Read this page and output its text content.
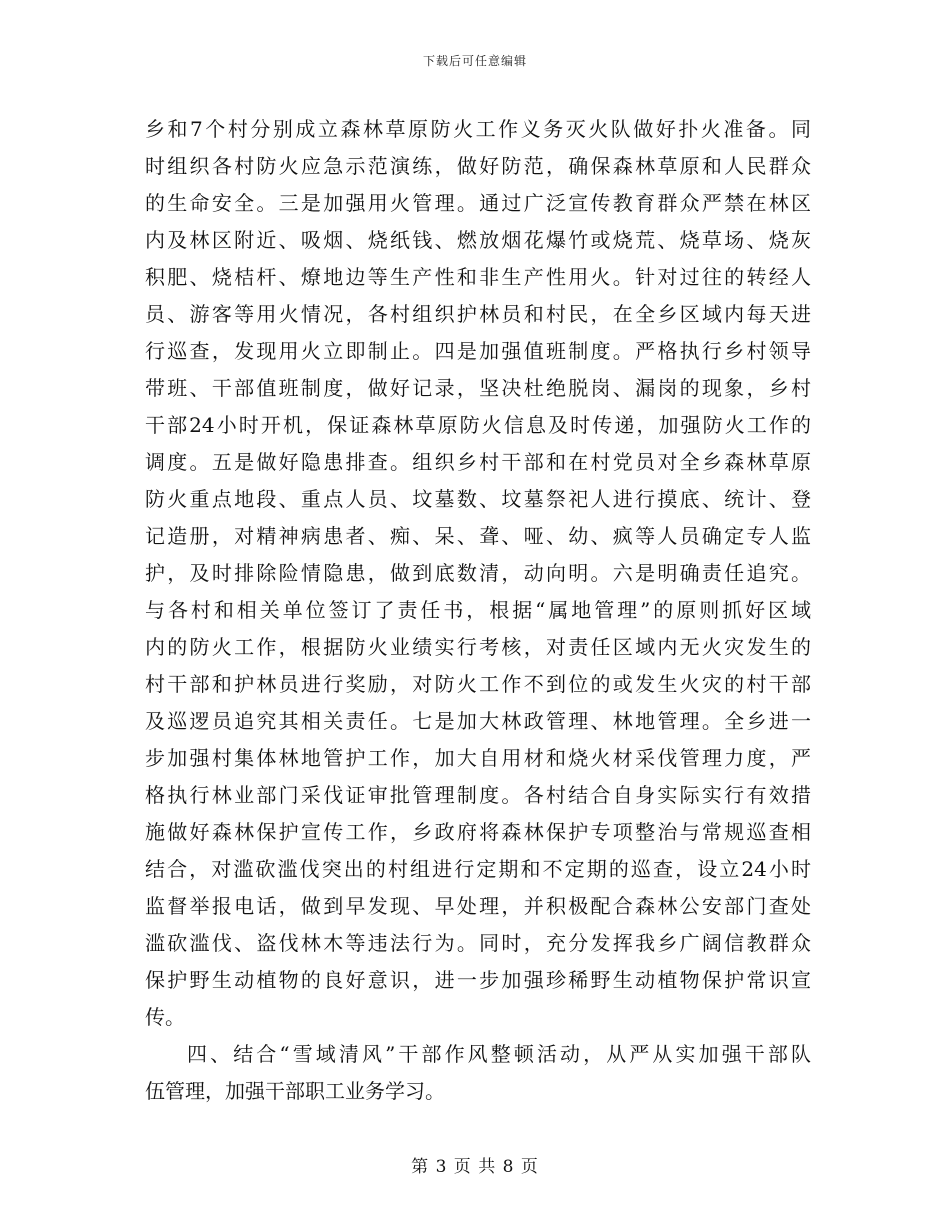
下载后可任意编辑
乡和7个村分别成立森林草原防火工作义务灭火队做好扑火准备。同
时组织各村防火应急示范演练，做好防范，确保森林草原和人民群众
的生命安全。三是加强用火管理。通过广泛宣传教育群众严禁在林区
内及林区附近、吸烟、烧纸钱、燃放烟花爆竹或烧荒、烧草场、烧灰
积肥、烧桔杆、燎地边等生产性和非生产性用火。针对过往的转经人
员、游客等用火情况，各村组织护林员和村民，在全乡区域内每天进
行巡查，发现用火立即制止。四是加强值班制度。严格执行乡村领导
带班、干部值班制度，做好记录，坚决杜绝脱岗、漏岗的现象，乡村
干部24小时开机，保证森林草原防火信息及时传递，加强防火工作的
调度。五是做好隐患排查。组织乡村干部和在村党员对全乡森林草原
防火重点地段、重点人员、坟墓数、坟墓祭祀人进行摸底、统计、登
记造册，对精神病患者、痴、呆、聋、哑、幼、疯等人员确定专人监
护，及时排除险情隐患，做到底数清，动向明。六是明确责任追究。
与各村和相关单位签订了责任书，根据“属地管理”的原则抓好区域
内的防火工作，根据防火业绩实行考核，对责任区域内无火灾发生的
村干部和护林员进行奖励，对防火工作不到位的或发生火灾的村干部
及巡逻员追究其相关责任。七是加大林政管理、林地管理。全乡进一
步加强村集体林地管护工作，加大自用材和烧火材采伐管理力度，严
格执行林业部门采伐证审批管理制度。各村结合自身实际实行有效措
施做好森林保护宣传工作，乡政府将森林保护专项整治与常规巡查相
结合，对滥砍滥伐突出的村组进行定期和不定期的巡查，设立24小时
监督举报电话，做到早发现、早处理，并积极配合森林公安部门查处
滥砍滥伐、盗伐林木等违法行为。同时，充分发挥我乡广阔信教群众
保护野生动植物的良好意识，进一步加强珍稀野生动植物保护常识宣
传。
四、结合“雪域清风”干部作风整顿活动，从严从实加强干部队
伍管理，加强干部职工业务学习。
第 3 页 共 8 页
